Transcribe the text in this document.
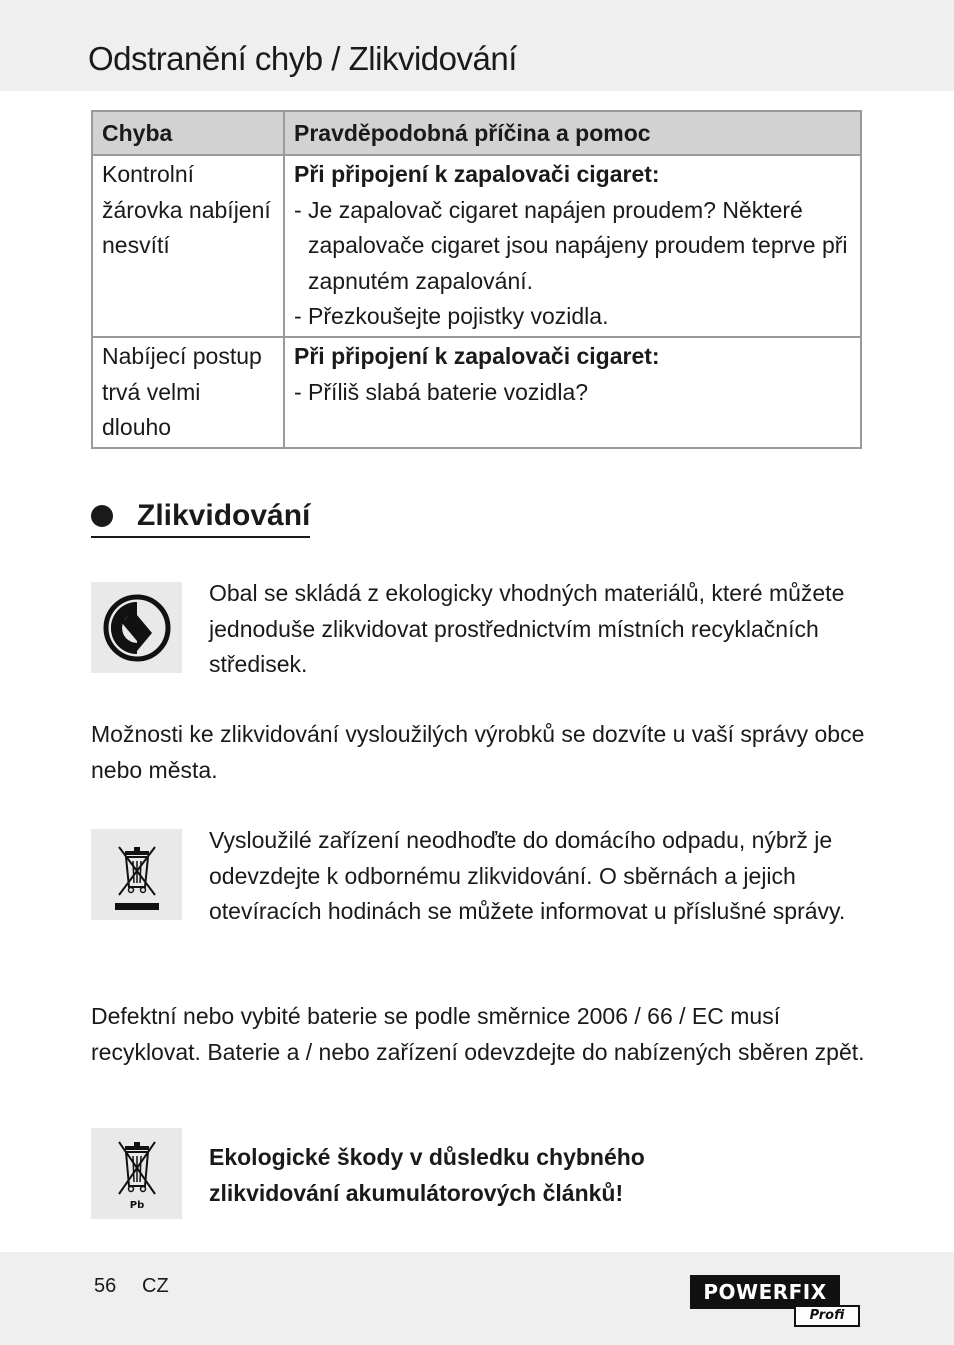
Odstranění chyb / Zlikvidování
Chyba	Pravděpodobná příčina a pomoc
Kontrolní žárovka nabíjení nesvítí	Při připojení k zapalovači cigaret:
- Je zapalovač cigaret napájen proudem? Některé zapalovače cigaret jsou napájeny proudem teprve při zapnutém zapalování.
- Přezkoušejte pojistky vozidla.

Nabíjecí postup trvá velmi dlouho	Při připojení k zapalovači cigaret:
- Příliš slabá baterie vozidla?
Zlikvidování

Obal se skládá z ekologicky vhodných materiálů, které můžete jednoduše zlikvidovat prostřednictvím místních recyklačních středisek.

Možnosti ke zlikvidování vysloužilých výrobků se dozvíte u vaší správy obce nebo města.

Vysloužilé zařízení neodhoďte do domácího odpadu, nýbrž je odevzdejte k odbornému zlikvidování. O sběrnách a jejich otevíracích hodinách se můžete informovat u příslušné správy.

Defektní nebo vybité baterie se podle směrnice 2006 / 66 / EC musí recyklovat. Baterie a / nebo zařízení odevzdejte do nabízených sběren zpět.

Pb

Ekologické škody v důsledku chybného zlikvidování akumulátorových článků!

56 CZ	POWERFIX
Profi
